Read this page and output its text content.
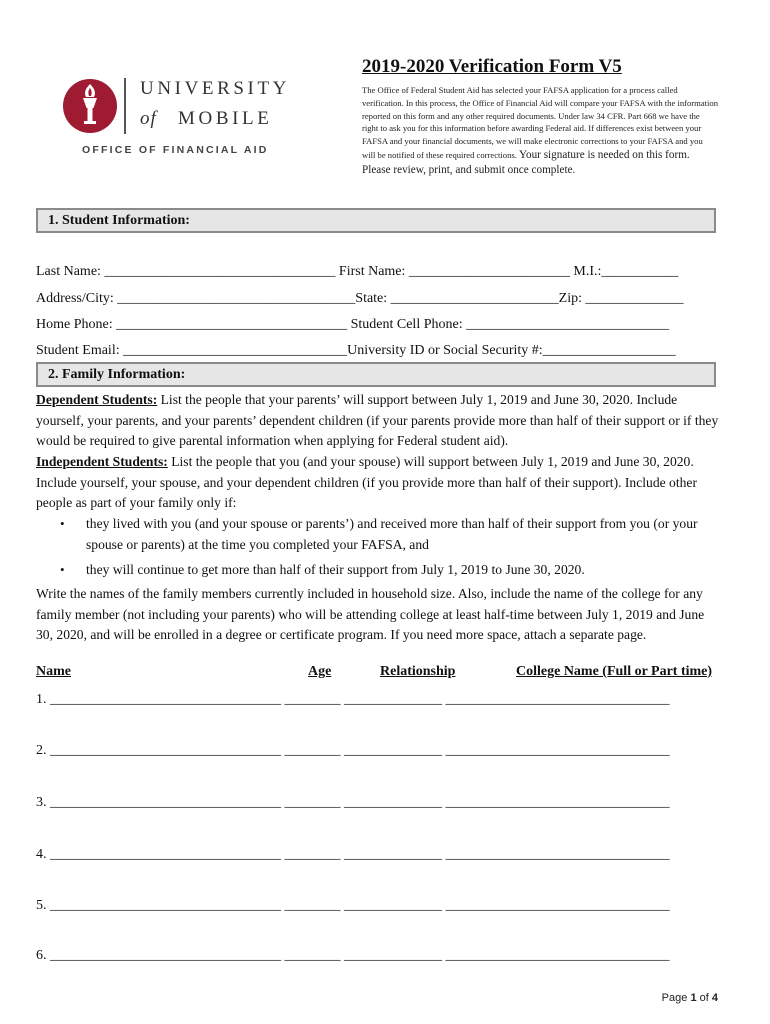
UNIVERSITY
of MOBILE
OFFICE OF FINANCIAL AID
2019-2020 Verification Form V5
The Office of Federal Student Aid has selected your FAFSA application for a process called verification. In this process, the Office of Financial Aid will compare your FAFSA with the information reported on this form and any other required documents. Under law 34 CFR. Part 668 we have the right to ask you for this information before awarding Federal aid. If differences exist between your FAFSA and your financial documents, we will make electronic corrections to your FAFSA and you will be notified of these required corrections. Your signature is needed on this form. Please review, print, and submit once complete.
1. Student Information:
Last Name: _________________________________ First Name: _______________________ M.I.:___________
Address/City: __________________________________State: ________________________Zip: ______________
Home Phone: _________________________________ Student Cell Phone: _____________________________
Student Email: ________________________________University ID or Social Security #:___________________
2. Family Information:
Dependent Students: List the people that your parents’ will support between July 1, 2019 and June 30, 2020. Include yourself, your parents, and your parents’ dependent children (if your parents provide more than half of their support or if they would be required to give parental information when applying for Federal student aid).
Independent Students: List the people that you (and your spouse) will support between July 1, 2019 and June 30, 2020. Include yourself, your spouse, and your dependent children (if you provide more than half of their support). Include other people as part of your family only if:
• they lived with you (and your spouse or parents’) and received more than half of their support from you (or your spouse or parents) at the time you completed your FAFSA, and
• they will continue to get more than half of their support from July 1, 2019 to June 30, 2020.
Write the names of the family members currently included in household size. Also, include the name of the college for any family member (not including your parents) who will be attending college at least half-time between July 1, 2019 and June 30, 2020, and will be enrolled in a degree or certificate program. If you need more space, attach a separate page.
Name	Age	Relationship	College Name (Full or Part time)
1. _________________________________ ________ ______________ ________________________________
2. _________________________________ ________ ______________ ________________________________
3. _________________________________ ________ ______________ ________________________________
4. _________________________________ ________ ______________ ________________________________
5. _________________________________ ________ ______________ ________________________________
6. _________________________________ ________ ______________ ________________________________
Page 1 of 4
